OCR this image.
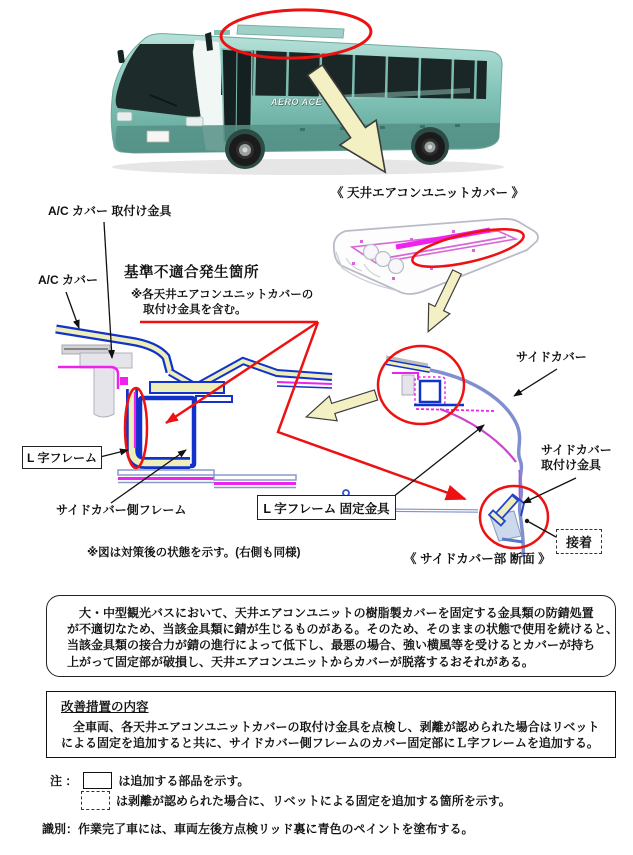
AERO ACE
《 天井エアコンユニットカバー 》
A/C カバー 取付け金具
A/C カバー 基準不適合発生箇所
※各天井エアコンユニットカバーの
取付け金具を含む。
サイドカバー
L 字フレーム
サイドカバー側フレーム	L 字フレーム 固定金具
サイドカバー
取付け金具
接着
《 サイドカバー部 断面 》
※図は対策後の状態を示す。(右側も同様)
　大・中型観光バスにおいて、天井エアコンユニットの樹脂製カバーを固定する金具類の防錆処置
が不適切なため、当該金具類に錆が生じるものがある。そのため、そのままの状態で使用を続けると、
当該金具類の接合力が錆の進行によって低下し、最悪の場合、強い横風等を受けるとカバーが持ち
上がって固定部が破損し、天井エアコンユニットからカバーが脱落するおそれがある。
改善措置の内容
　全車両、各天井エアコンユニットカバーの取付け金具を点検し、剥離が認められた場合はリベット
による固定を追加すると共に、サイドカバー側フレームのカバー固定部にＬ字フレームを追加する。
注 ：	は追加する部品を示す。
は剥離が認められた場合に、リベットによる固定を追加する箇所を示す。
識別：作業完了車には、車両左後方点検リッド裏に青色のペイントを塗布する。
